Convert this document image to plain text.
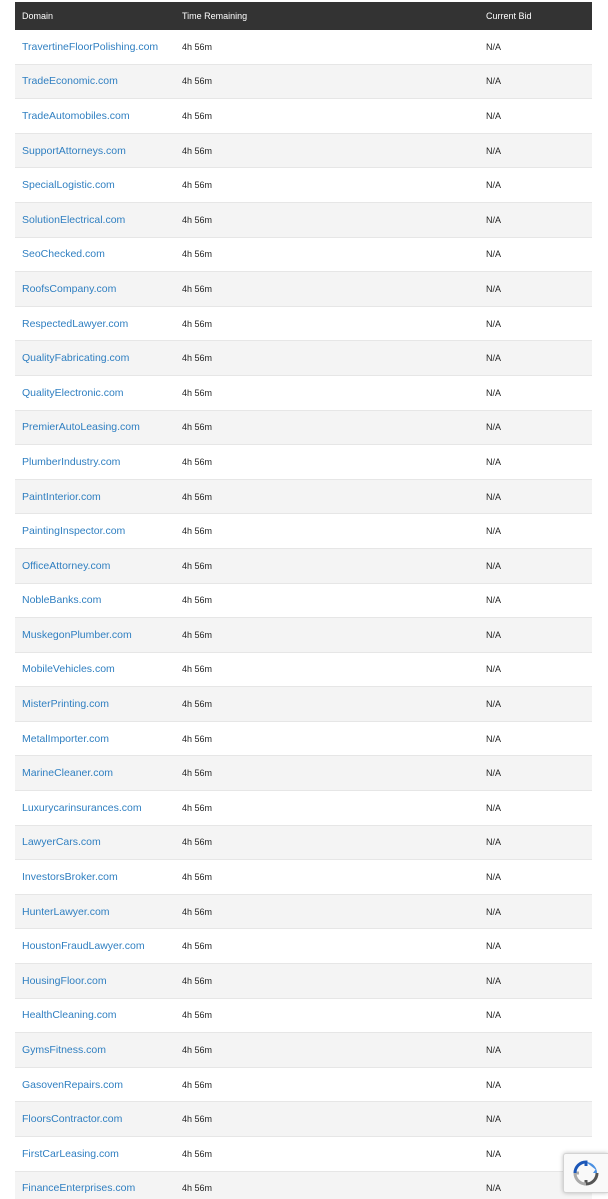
Domain	Time Remaining	Current Bid
TravertineFloorPolishing.com	4h 56m	N/A
TradeEconomic.com	4h 56m	N/A
TradeAutomobiles.com	4h 56m	N/A
SupportAttorneys.com	4h 56m	N/A
SpecialLogistic.com	4h 56m	N/A
SolutionElectrical.com	4h 56m	N/A
SeoChecked.com	4h 56m	N/A
RoofsCompany.com	4h 56m	N/A
RespectedLawyer.com	4h 56m	N/A
QualityFabricating.com	4h 56m	N/A
QualityElectronic.com	4h 56m	N/A
PremierAutoLeasing.com	4h 56m	N/A
PlumberIndustry.com	4h 56m	N/A
PaintInterior.com	4h 56m	N/A
PaintingInspector.com	4h 56m	N/A
OfficeAttorney.com	4h 56m	N/A
NobleBanks.com	4h 56m	N/A
MuskegonPlumber.com	4h 56m	N/A
MobileVehicles.com	4h 56m	N/A
MisterPrinting.com	4h 56m	N/A
MetalImporter.com	4h 56m	N/A
MarineCleaner.com	4h 56m	N/A
Luxurycarinsurances.com	4h 56m	N/A
LawyerCars.com	4h 56m	N/A
InvestorsBroker.com	4h 56m	N/A
HunterLawyer.com	4h 56m	N/A
HoustonFraudLawyer.com	4h 56m	N/A
HousingFloor.com	4h 56m	N/A
HealthCleaning.com	4h 56m	N/A
GymsFitness.com	4h 56m	N/A
GasovenRepairs.com	4h 56m	N/A
FloorsContractor.com	4h 56m	N/A
FirstCarLeasing.com	4h 56m	N/A
FinanceEnterprises.com	4h 56m	N/A
